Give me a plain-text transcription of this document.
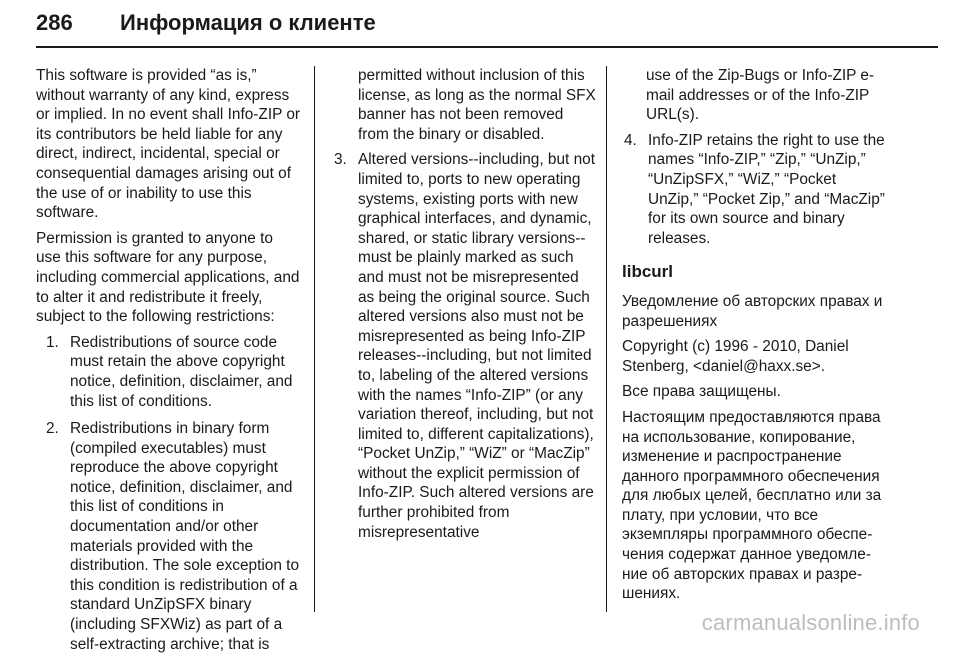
286	Информация о клиенте

This software is provided “as is,” without warranty of any kind, express or implied. In no event shall Info-ZIP or its contributors be held liable for any direct, indirect, incidental, special or consequential damages arising out of the use of or inability to use this software.

Permission is granted to anyone to use this software for any purpose, including commercial applications, and to alter it and redistribute it freely, subject to the following restrictions:

1. Redistributions of source code must retain the above copyright notice, definition, disclaimer, and this list of conditions.
2. Redistributions in binary form (compiled executables) must reproduce the above copyright notice, definition, disclaimer, and this list of conditions in documentation and/or other materials provided with the distribution. The sole exception to this condition is redistribution of a standard UnZipSFX binary (including SFXWiz) as part of a self-extracting archive; that is

permitted without inclusion of this license, as long as the normal SFX banner has not been removed from the binary or disabled.

3. Altered versions--including, but not limited to, ports to new operating systems, existing ports with new graphical interfaces, and dynamic, shared, or static library versions--must be plainly marked as such and must not be misrepresented as being the original source. Such altered versions also must not be misrepresented as being Info-ZIP releases--including, but not limited to, labeling of the altered versions with the names “Info-ZIP” (or any variation thereof, including, but not limited to, different capitalizations), “Pocket UnZip,” “WiZ” or “MacZip” without the explicit permission of Info-ZIP. Such altered versions are further prohibited from misrepresentative

use of the Zip-Bugs or Info-ZIP e-mail addresses or of the Info-ZIP URL(s).

4. Info-ZIP retains the right to use the names “Info-ZIP,” “Zip,” “UnZip,” “UnZipSFX,” “WiZ,” “Pocket UnZip,” “Pocket Zip,” and “MacZip” for its own source and binary releases.
libcurl

Уведомление об авторских правах и разрешениях

Copyright (c) 1996 - 2010, Daniel Stenberg, <daniel@haxx.se>.

Все права защищены.

Настоящим предоставляются права на использование, копирование, изменение и распространение данного программного обеспечения для любых целей, бесплатно или за плату, при условии, что все экземпляры программного обеспечения содержат данное уведомление об авторских правах и разрешениях.

carmanualsonline.info
